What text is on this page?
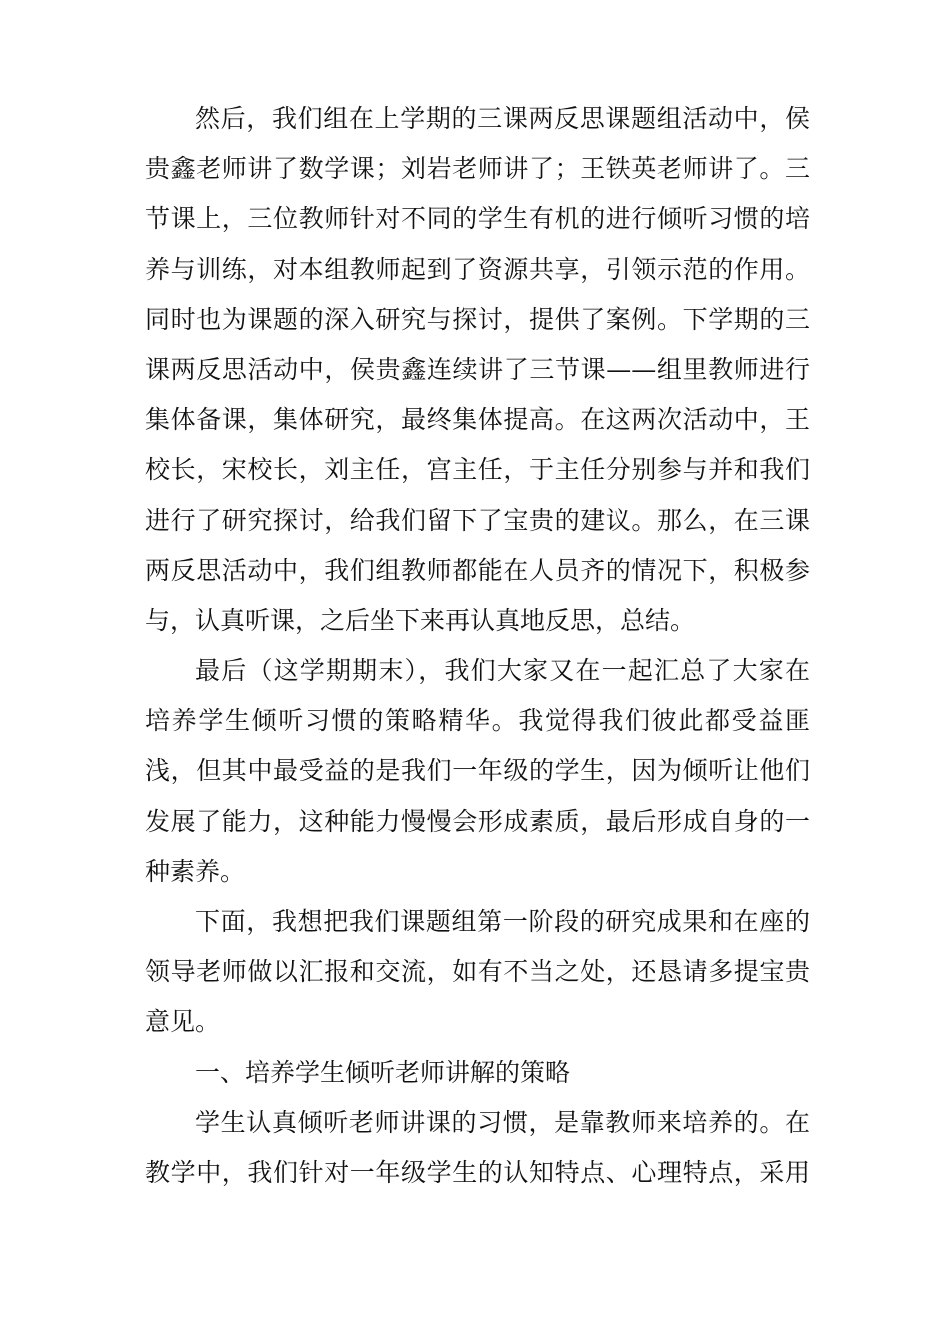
然后，我们组在上学期的三课两反思课题组活动中，侯
贵鑫老师讲了数学课；刘岩老师讲了；王铁英老师讲了。三
节课上，三位教师针对不同的学生有机的进行倾听习惯的培
养与训练，对本组教师起到了资源共享，引领示范的作用。
同时也为课题的深入研究与探讨，提供了案例。下学期的三
课两反思活动中，侯贵鑫连续讲了三节课——组里教师进行
集体备课，集体研究，最终集体提高。在这两次活动中，王
校长，宋校长，刘主任，宫主任，于主任分别参与并和我们
进行了研究探讨，给我们留下了宝贵的建议。那么，在三课
两反思活动中，我们组教师都能在人员齐的情况下，积极参
与，认真听课，之后坐下来再认真地反思，总结。
最后（这学期期末），我们大家又在一起汇总了大家在
培养学生倾听习惯的策略精华。我觉得我们彼此都受益匪
浅，但其中最受益的是我们一年级的学生，因为倾听让他们
发展了能力，这种能力慢慢会形成素质，最后形成自身的一
种素养。
下面，我想把我们课题组第一阶段的研究成果和在座的
领导老师做以汇报和交流，如有不当之处，还恳请多提宝贵
意见。
一、培养学生倾听老师讲解的策略
学生认真倾听老师讲课的习惯，是靠教师来培养的。在
教学中，我们针对一年级学生的认知特点、心理特点，采用
